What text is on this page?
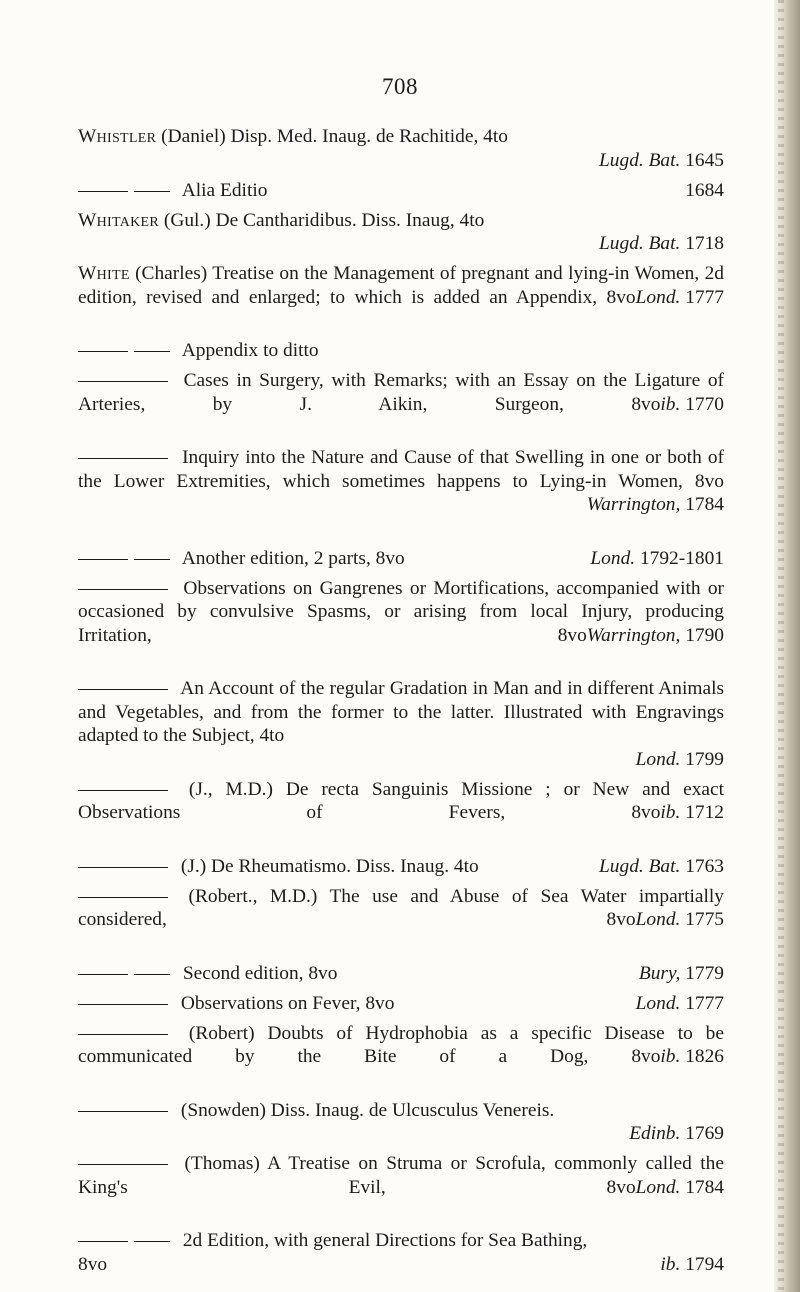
708
Whistler (Daniel) Disp. Med. Inaug. de Rachitide, 4to
Lugd. Bat. 1645
Alia Editio	1684
Whitaker (Gul.) De Cantharidibus. Diss. Inaug, 4to
Lugd. Bat. 1718
White (Charles) Treatise on the Management of pregnant and lying-in Women, 2d edition, revised and enlarged; to which is added an Appendix, 8vo Lond. 1777
Appendix to ditto
Cases in Surgery, with Remarks; with an Essay on the Ligature of Arteries, by J. Aikin, Surgeon, 8vo ib. 1770
Inquiry into the Nature and Cause of that Swelling in one or both of the Lower Extremities, which sometimes happens to Lying-in Women, 8vo
Warrington, 1784
Another edition, 2 parts, 8vo	Lond. 1792-1801
Observations on Gangrenes or Mortifications, accompanied with or occasioned by convulsive Spasms, or arising from local Injury, producing Irritation, 8vo Warrington, 1790
An Account of the regular Gradation in Man and in different Animals and Vegetables, and from the former to the latter. Illustrated with Engravings adapted to the Subject, 4to
Lond. 1799
(J., M.D.) De recta Sanguinis Missione ; or New and exact Observations of Fevers, 8vo ib. 1712
(J.) De Rheumatismo. Diss. Inaug. 4to	Lugd. Bat. 1763
(Robert., M.D.) The use and Abuse of Sea Water impartially considered, 8vo Lond. 1775
Second edition, 8vo	Bury, 1779
Observations on Fever, 8vo	Lond. 1777
(Robert) Doubts of Hydrophobia as a specific Disease to be communicated by the Bite of a Dog, 8vo ib. 1826
(Snowden) Diss. Inaug. de Ulcusculus Venereis.
Edinb. 1769
(Thomas) A Treatise on Struma or Scrofula, commonly called the King's Evil, 8vo Lond. 1784
2d Edition, with general Directions for Sea Bathing,
8vo	ib. 1794
